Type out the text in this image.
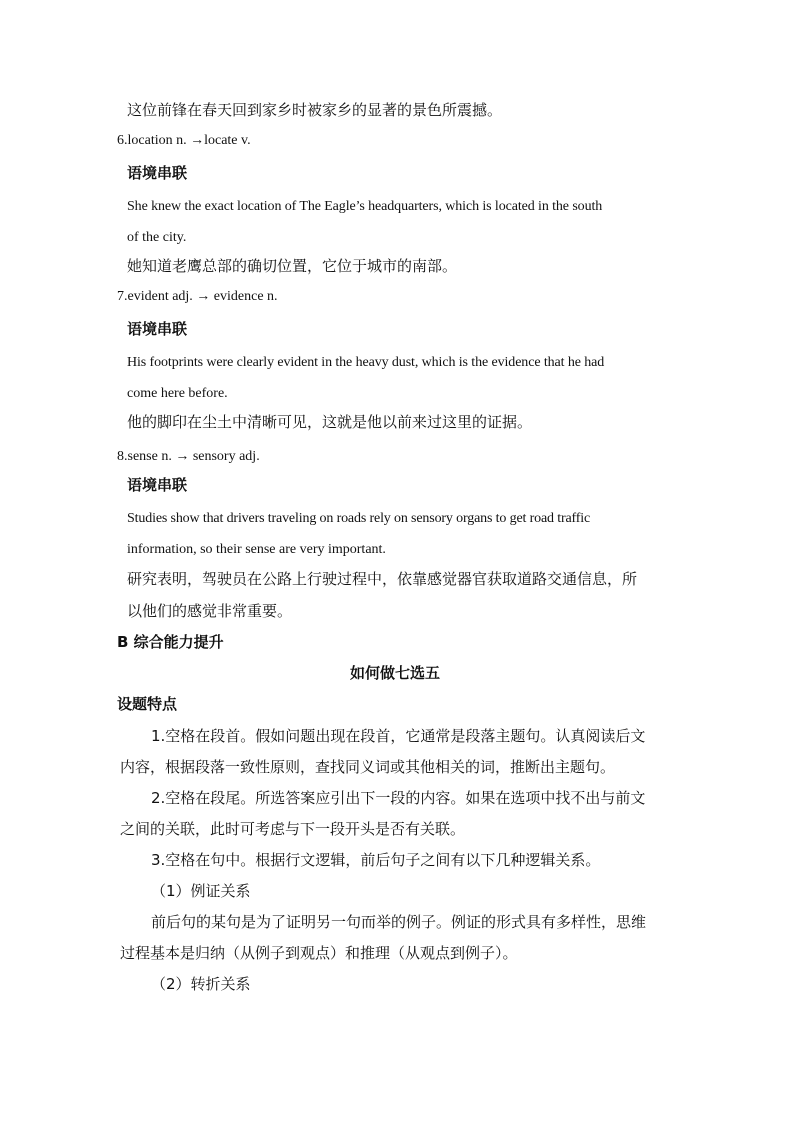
这位前锋在春天回到家乡时被家乡的显著的景色所震撼。
6.location n. →locate v.
语境串联
She knew the exact location of The Eagle’s headquarters, which is located in the south
of the city.
她知道老鹰总部的确切位置，它位于城市的南部。
7.evident adj. → evidence n.
语境串联
His footprints were clearly evident in the heavy dust, which is the evidence that he had
come here before.
他的脚印在尘土中清晰可见，这就是他以前来过这里的证据。
8.sense n. → sensory adj.
语境串联
Studies show that drivers traveling on roads rely on sensory organs to get road traffic
information, so their sense are very important.
研究表明，驾驶员在公路上行驶过程中，依靠感觉器官获取道路交通信息，所
以他们的感觉非常重要。
B 综合能力提升
如何做七选五
设题特点
1.空格在段首。假如问题出现在段首，它通常是段落主题句。认真阅读后文
内容，根据段落一致性原则，查找同义词或其他相关的词，推断出主题句。
2.空格在段尾。所选答案应引出下一段的内容。如果在选项中找不出与前文
之间的关联，此时可考虑与下一段开头是否有关联。
3.空格在句中。根据行文逻辑，前后句子之间有以下几种逻辑关系。
（1）例证关系
前后句的某句是为了证明另一句而举的例子。例证的形式具有多样性，思维
过程基本是归纳（从例子到观点）和推理（从观点到例子）。
（2）转折关系
